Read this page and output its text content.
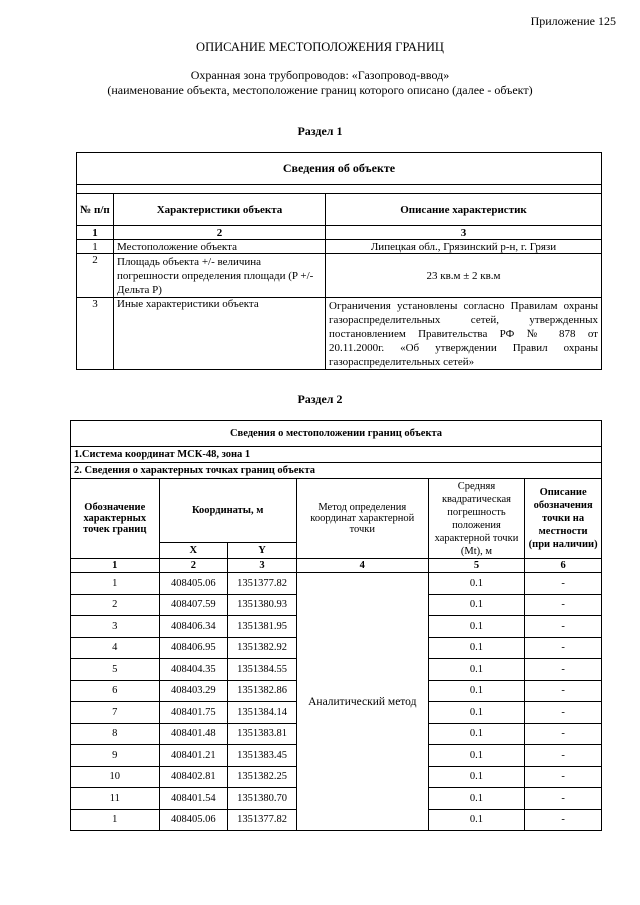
Приложение 125
ОПИСАНИЕ МЕСТОПОЛОЖЕНИЯ ГРАНИЦ
Охранная зона трубопроводов: «Газопровод-ввод»
(наименование объекта, местоположение границ которого описано (далее - объект)
Раздел 1
Сведения об объекте		

№ п/п	Характеристики объекта	Описание характеристик
1	2	3
1	Местоположение объекта	Липецкая обл., Грязинский р-н, г. Грязи
2	Площадь объекта +/- величина погрешности определения площади (P +/- Дельта P)	23 кв.м ± 2 кв.м
3	Иные характеристики объекта	Ограничения установлены согласно Правилам охраны газораспределительных сетей, утвержденных постановлением Правительства РФ № 878 от 20.11.2000г. «Об утверждении Правил охраны газораспределительных сетей»
Раздел 2
Сведения о местоположении границ объекта					
1.Система координат МСК-48, зона 1					
2. Сведения о характерных точках границ объекта					
Обозначение характерных точек границ	Координаты, м		Метод определения координат характерной точки	Средняя квадратическая погрешность положения характерной точки (Mt), м	Описание обозначения точки на местности (при наличии)
	X	Y			
1	2	3	4	5	6
1	408405.06	1351377.82	Аналитический метод	0.1	-
2	408407.59	1351380.93		0.1	-
3	408406.34	1351381.95		0.1	-
4	408406.95	1351382.92		0.1	-
5	408404.35	1351384.55		0.1	-
6	408403.29	1351382.86		0.1	-
7	408401.75	1351384.14		0.1	-
8	408401.48	1351383.81		0.1	-
9	408401.21	1351383.45		0.1	-
10	408402.81	1351382.25		0.1	-
11	408401.54	1351380.70		0.1	-
1	408405.06	1351377.82		0.1	-
